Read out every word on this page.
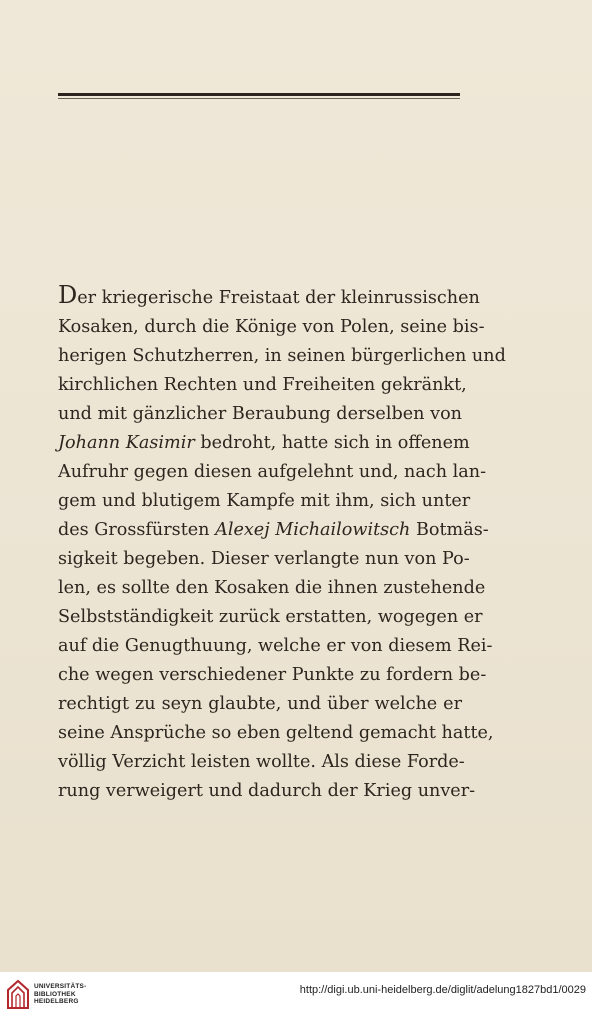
Der kriegerische Freistaat der kleinrussischen
Kosaken, durch die Könige von Polen, seine bis-
herigen Schutzherren, in seinen bürgerlichen und
kirchlichen Rechten und Freiheiten gekränkt,
und mit gänzlicher Beraubung derselben von
Johann Kasimir bedroht, hatte sich in offenem
Aufruhr gegen diesen aufgelehnt und, nach lan-
gem und blutigem Kampfe mit ihm, sich unter
des Grossfürsten Alexej Michailowitsch Botmäs-
sigkeit begeben. Dieser verlangte nun von Po-
len, es sollte den Kosaken die ihnen zustehende
Selbstständigkeit zurück erstatten, wogegen er
auf die Genugthuung, welche er von diesem Rei-
che wegen verschiedener Punkte zu fordern be-
rechtigt zu seyn glaubte, und über welche er
seine Ansprüche so eben geltend gemacht hatte,
völlig Verzicht leisten wollte. Als diese Forde-
rung verweigert und dadurch der Krieg unver-
UNIVERSITÄTS-
BIBLIOTHEK
HEIDELBERG
http://digi.ub.uni-heidelberg.de/diglit/adelung1827bd1/0029
